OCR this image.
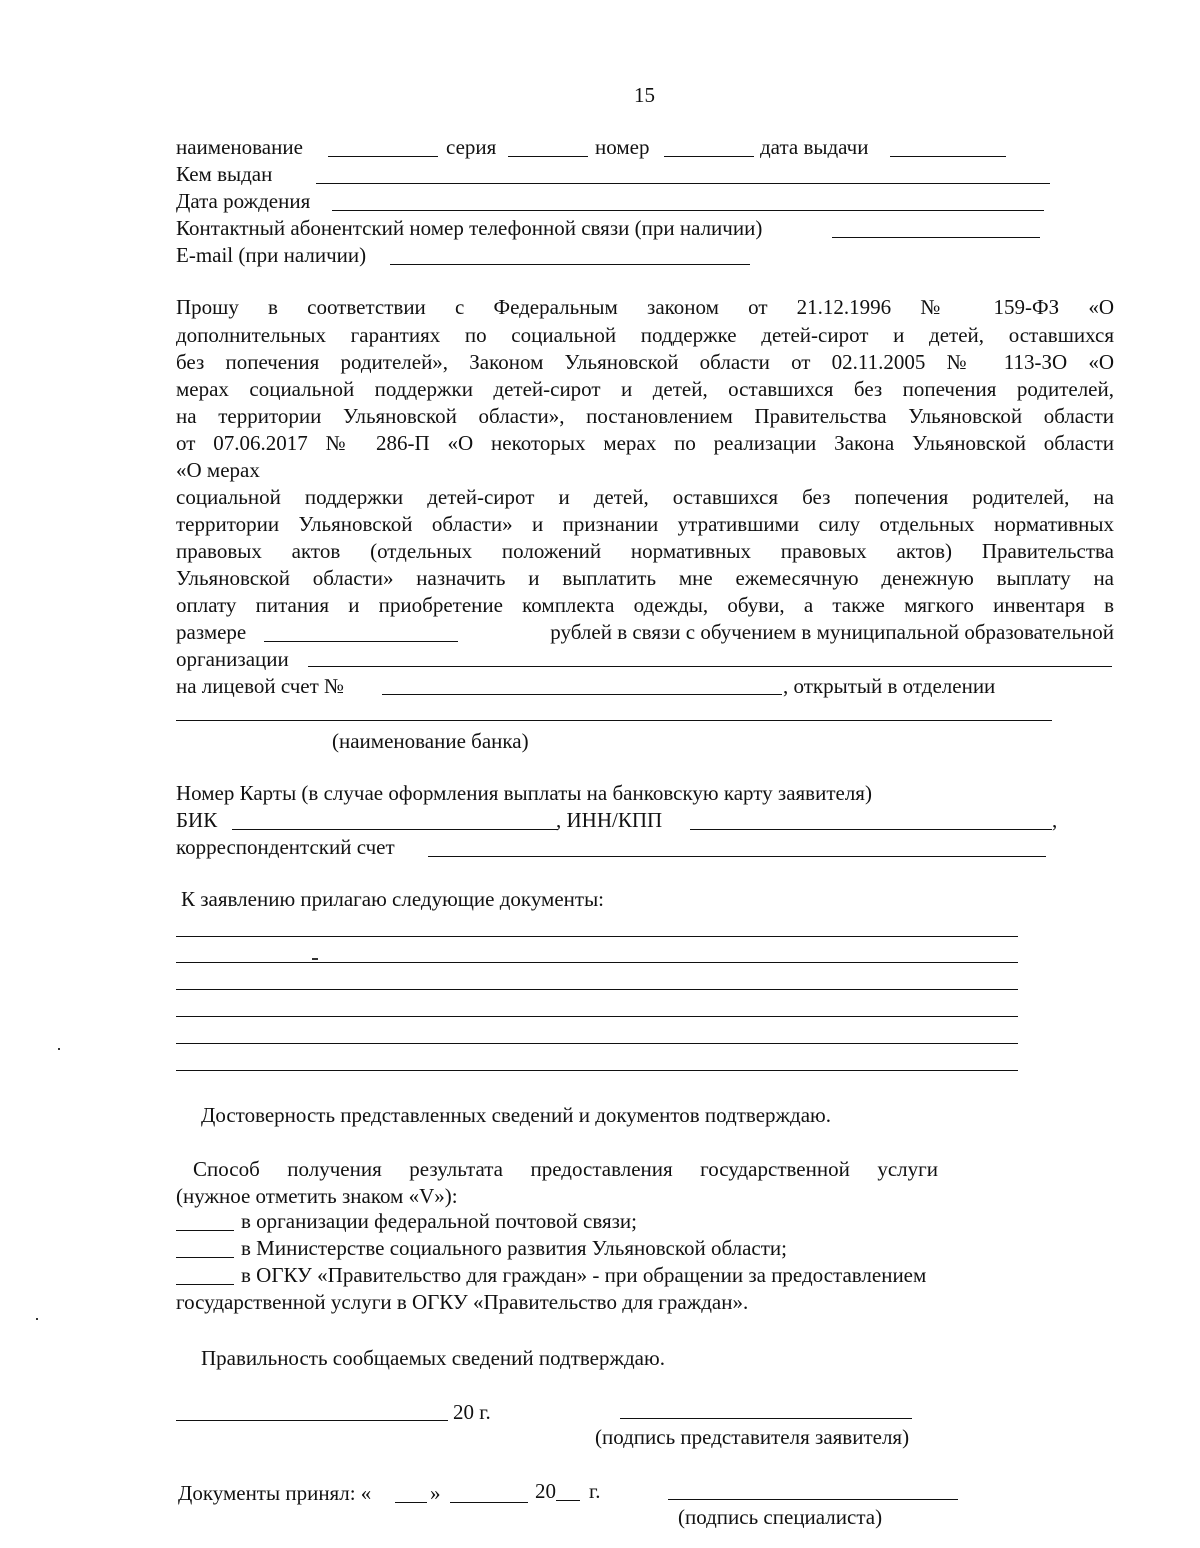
15
наименование	серия	номер	дата выдачи
Кем выдан
Дата рождения
Контактный абонентский номер телефонной связи (при наличии)
E-mail (при наличии)
Прошу в соответствии с Федеральным законом от 21.12.1996 № 159-ФЗ «О
дополнительных гарантиях по социальной поддержке детей-сирот и детей, оставшихся
без попечения родителей», Законом Ульяновской области от 02.11.2005 № 113-ЗО «О
мерах социальной поддержки детей-сирот и детей, оставшихся без попечения родителей,
на территории Ульяновской области», постановлением Правительства Ульяновской области
от 07.06.2017 № 286-П «О некоторых мерах по реализации Закона Ульяновской области
«О мерах
социальной поддержки детей-сирот и детей, оставшихся без попечения родителей, на
территории Ульяновской области» и признании утратившими силу отдельных нормативных
правовых актов (отдельных положений нормативных правовых актов) Правительства
Ульяновской области» назначить и выплатить мне ежемесячную денежную выплату на
оплату питания и приобретение комплекта одежды, обуви, а также мягкого инвентаря в
размере	рублей в связи с обучением в муниципальной образовательной
организации
на лицевой счет №	, открытый в отделении
(наименование банка)
Номер Карты (в случае оформления выплаты на банковскую карту заявителя)
БИК	, ИНН/КПП	,
корреспондентский счет
К заявлению прилагаю следующие документы:
Достоверность представленных сведений и документов подтверждаю.
Способ получения результата предоставления государственной услуги
(нужное отметить знаком «V»):
в организации федеральной почтовой связи;
в Министерстве социального развития Ульяновской области;
в ОГКУ «Правительство для граждан» - при обращении за предоставлением
государственной услуги в ОГКУ «Правительство для граждан».
Правильность сообщаемых сведений подтверждаю.
20 г.
(подпись представителя заявителя)
Документы принял: «	»	20 г.
(подпись специалиста)
